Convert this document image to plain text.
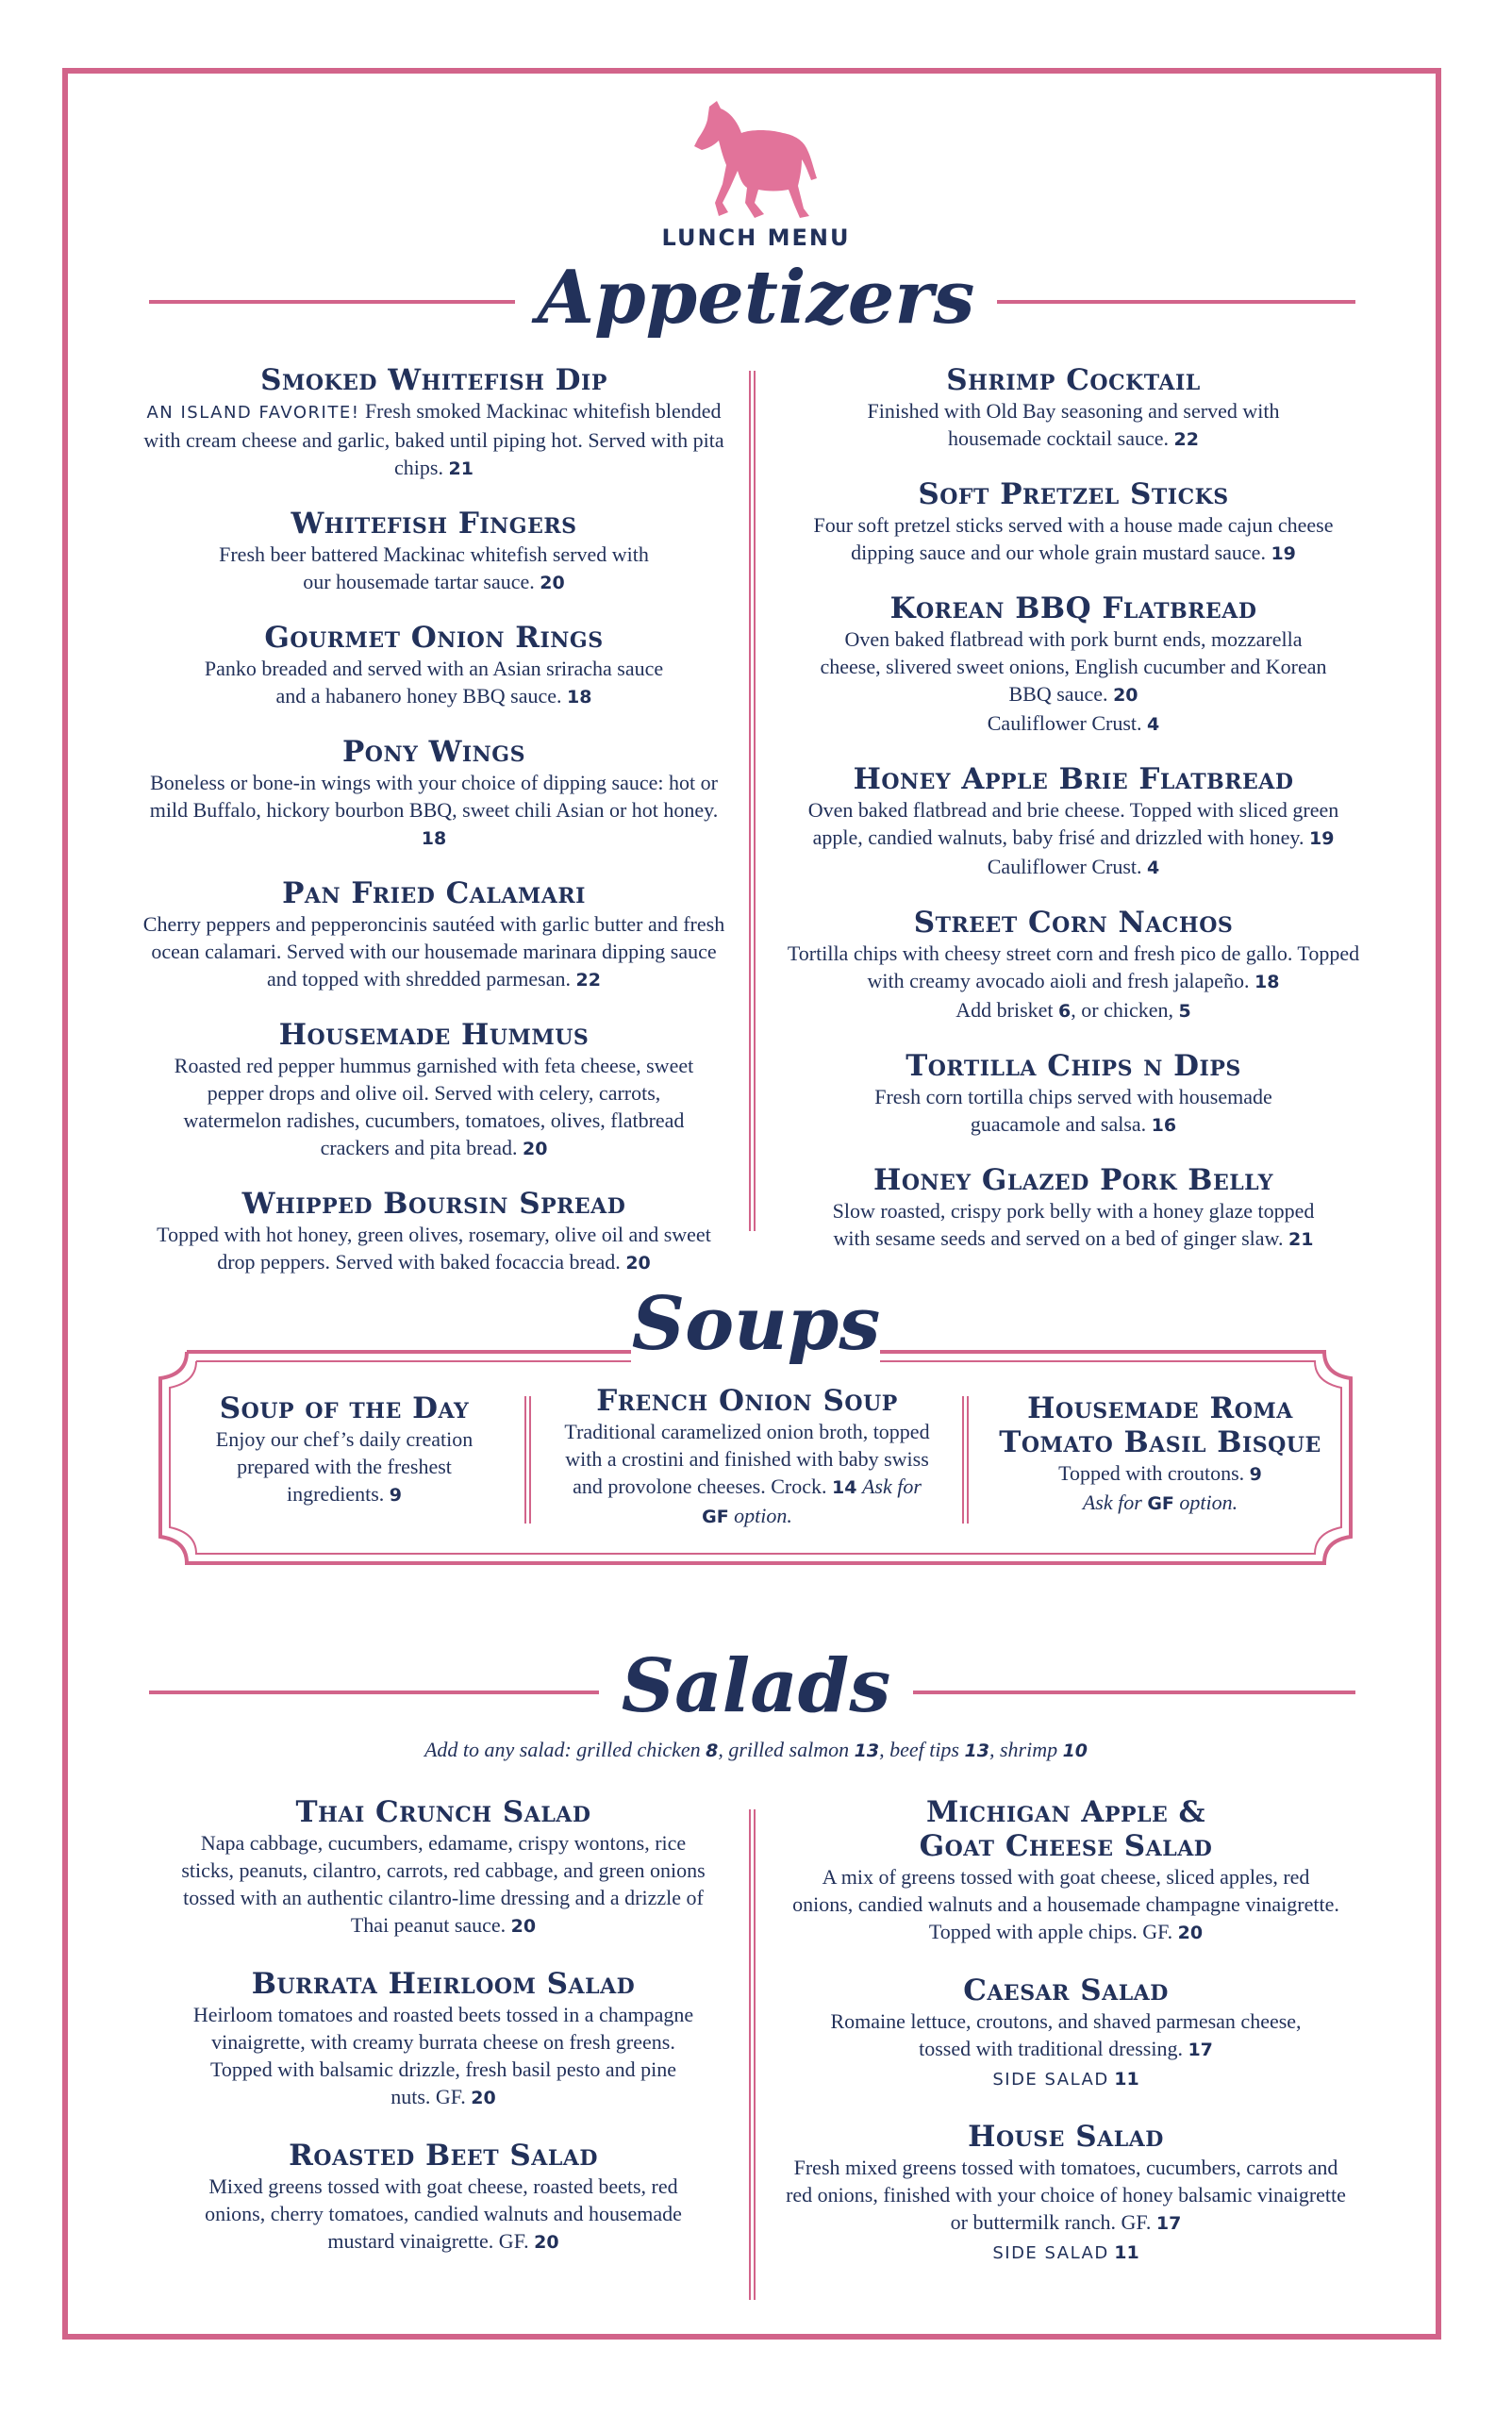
LUNCH MENU
Appetizers
Smoked Whitefish Dip
AN ISLAND FAVORITE! Fresh smoked Mackinac whitefish blended with cream cheese and garlic, baked until piping hot. Served with pita chips. 21
Whitefish Fingers
Fresh beer battered Mackinac whitefish served with our housemade tartar sauce. 20
Gourmet Onion Rings
Panko breaded and served with an Asian sriracha sauce and a habanero honey BBQ sauce. 18
Pony Wings
Boneless or bone-in wings with your choice of dipping sauce: hot or mild Buffalo, hickory bourbon BBQ, sweet chili Asian or hot honey. 18
Pan Fried Calamari
Cherry peppers and pepperoncinis sautéed with garlic butter and fresh ocean calamari. Served with our housemade marinara dipping sauce and topped with shredded parmesan. 22
Housemade Hummus
Roasted red pepper hummus garnished with feta cheese, sweet pepper drops and olive oil. Served with celery, carrots, watermelon radishes, cucumbers, tomatoes, olives, flatbread crackers and pita bread. 20
Whipped Boursin Spread
Topped with hot honey, green olives, rosemary, olive oil and sweet drop peppers. Served with baked focaccia bread. 20
Shrimp Cocktail
Finished with Old Bay seasoning and served with housemade cocktail sauce. 22
Soft Pretzel Sticks
Four soft pretzel sticks served with a house made cajun cheese dipping sauce and our whole grain mustard sauce. 19
Korean BBQ Flatbread
Oven baked flatbread with pork burnt ends, mozzarella cheese, slivered sweet onions, English cucumber and Korean BBQ sauce. 20
Cauliflower Crust. 4
Honey Apple Brie Flatbread
Oven baked flatbread and brie cheese. Topped with sliced green apple, candied walnuts, baby frisé and drizzled with honey. 19 Cauliflower Crust. 4
Street Corn Nachos
Tortilla chips with cheesy street corn and fresh pico de gallo. Topped with creamy avocado aioli and fresh jalapeño. 18
Add brisket 6, or chicken, 5
Tortilla Chips n Dips
Fresh corn tortilla chips served with housemade guacamole and salsa. 16
Honey Glazed Pork Belly
Slow roasted, crispy pork belly with a honey glaze topped with sesame seeds and served on a bed of ginger slaw. 21
Soups
Soup of the Day
Enjoy our chef’s daily creation prepared with the freshest ingredients. 9
French Onion Soup
Traditional caramelized onion broth, topped with a crostini and finished with baby swiss and provolone cheeses. Crock. 14 Ask for GF option.
Housemade Roma Tomato Basil Bisque
Topped with croutons. 9
Ask for GF option.
Salads
Add to any salad: grilled chicken 8, grilled salmon 13, beef tips 13, shrimp 10
Thai Crunch Salad
Napa cabbage, cucumbers, edamame, crispy wontons, rice sticks, peanuts, cilantro, carrots, red cabbage, and green onions tossed with an authentic cilantro-lime dressing and a drizzle of Thai peanut sauce. 20
Burrata Heirloom Salad
Heirloom tomatoes and roasted beets tossed in a champagne vinaigrette, with creamy burrata cheese on fresh greens. Topped with balsamic drizzle, fresh basil pesto and pine nuts. GF. 20
Roasted Beet Salad
Mixed greens tossed with goat cheese, roasted beets, red onions, cherry tomatoes, candied walnuts and housemade mustard vinaigrette. GF. 20
Michigan Apple & Goat Cheese Salad
A mix of greens tossed with goat cheese, sliced apples, red onions, candied walnuts and a housemade champagne vinaigrette. Topped with apple chips. GF. 20
Caesar Salad
Romaine lettuce, croutons, and shaved parmesan cheese, tossed with traditional dressing. 17
SIDE SALAD 11
House Salad
Fresh mixed greens tossed with tomatoes, cucumbers, carrots and red onions, finished with your choice of honey balsamic vinaigrette or buttermilk ranch. GF. 17
SIDE SALAD 11
